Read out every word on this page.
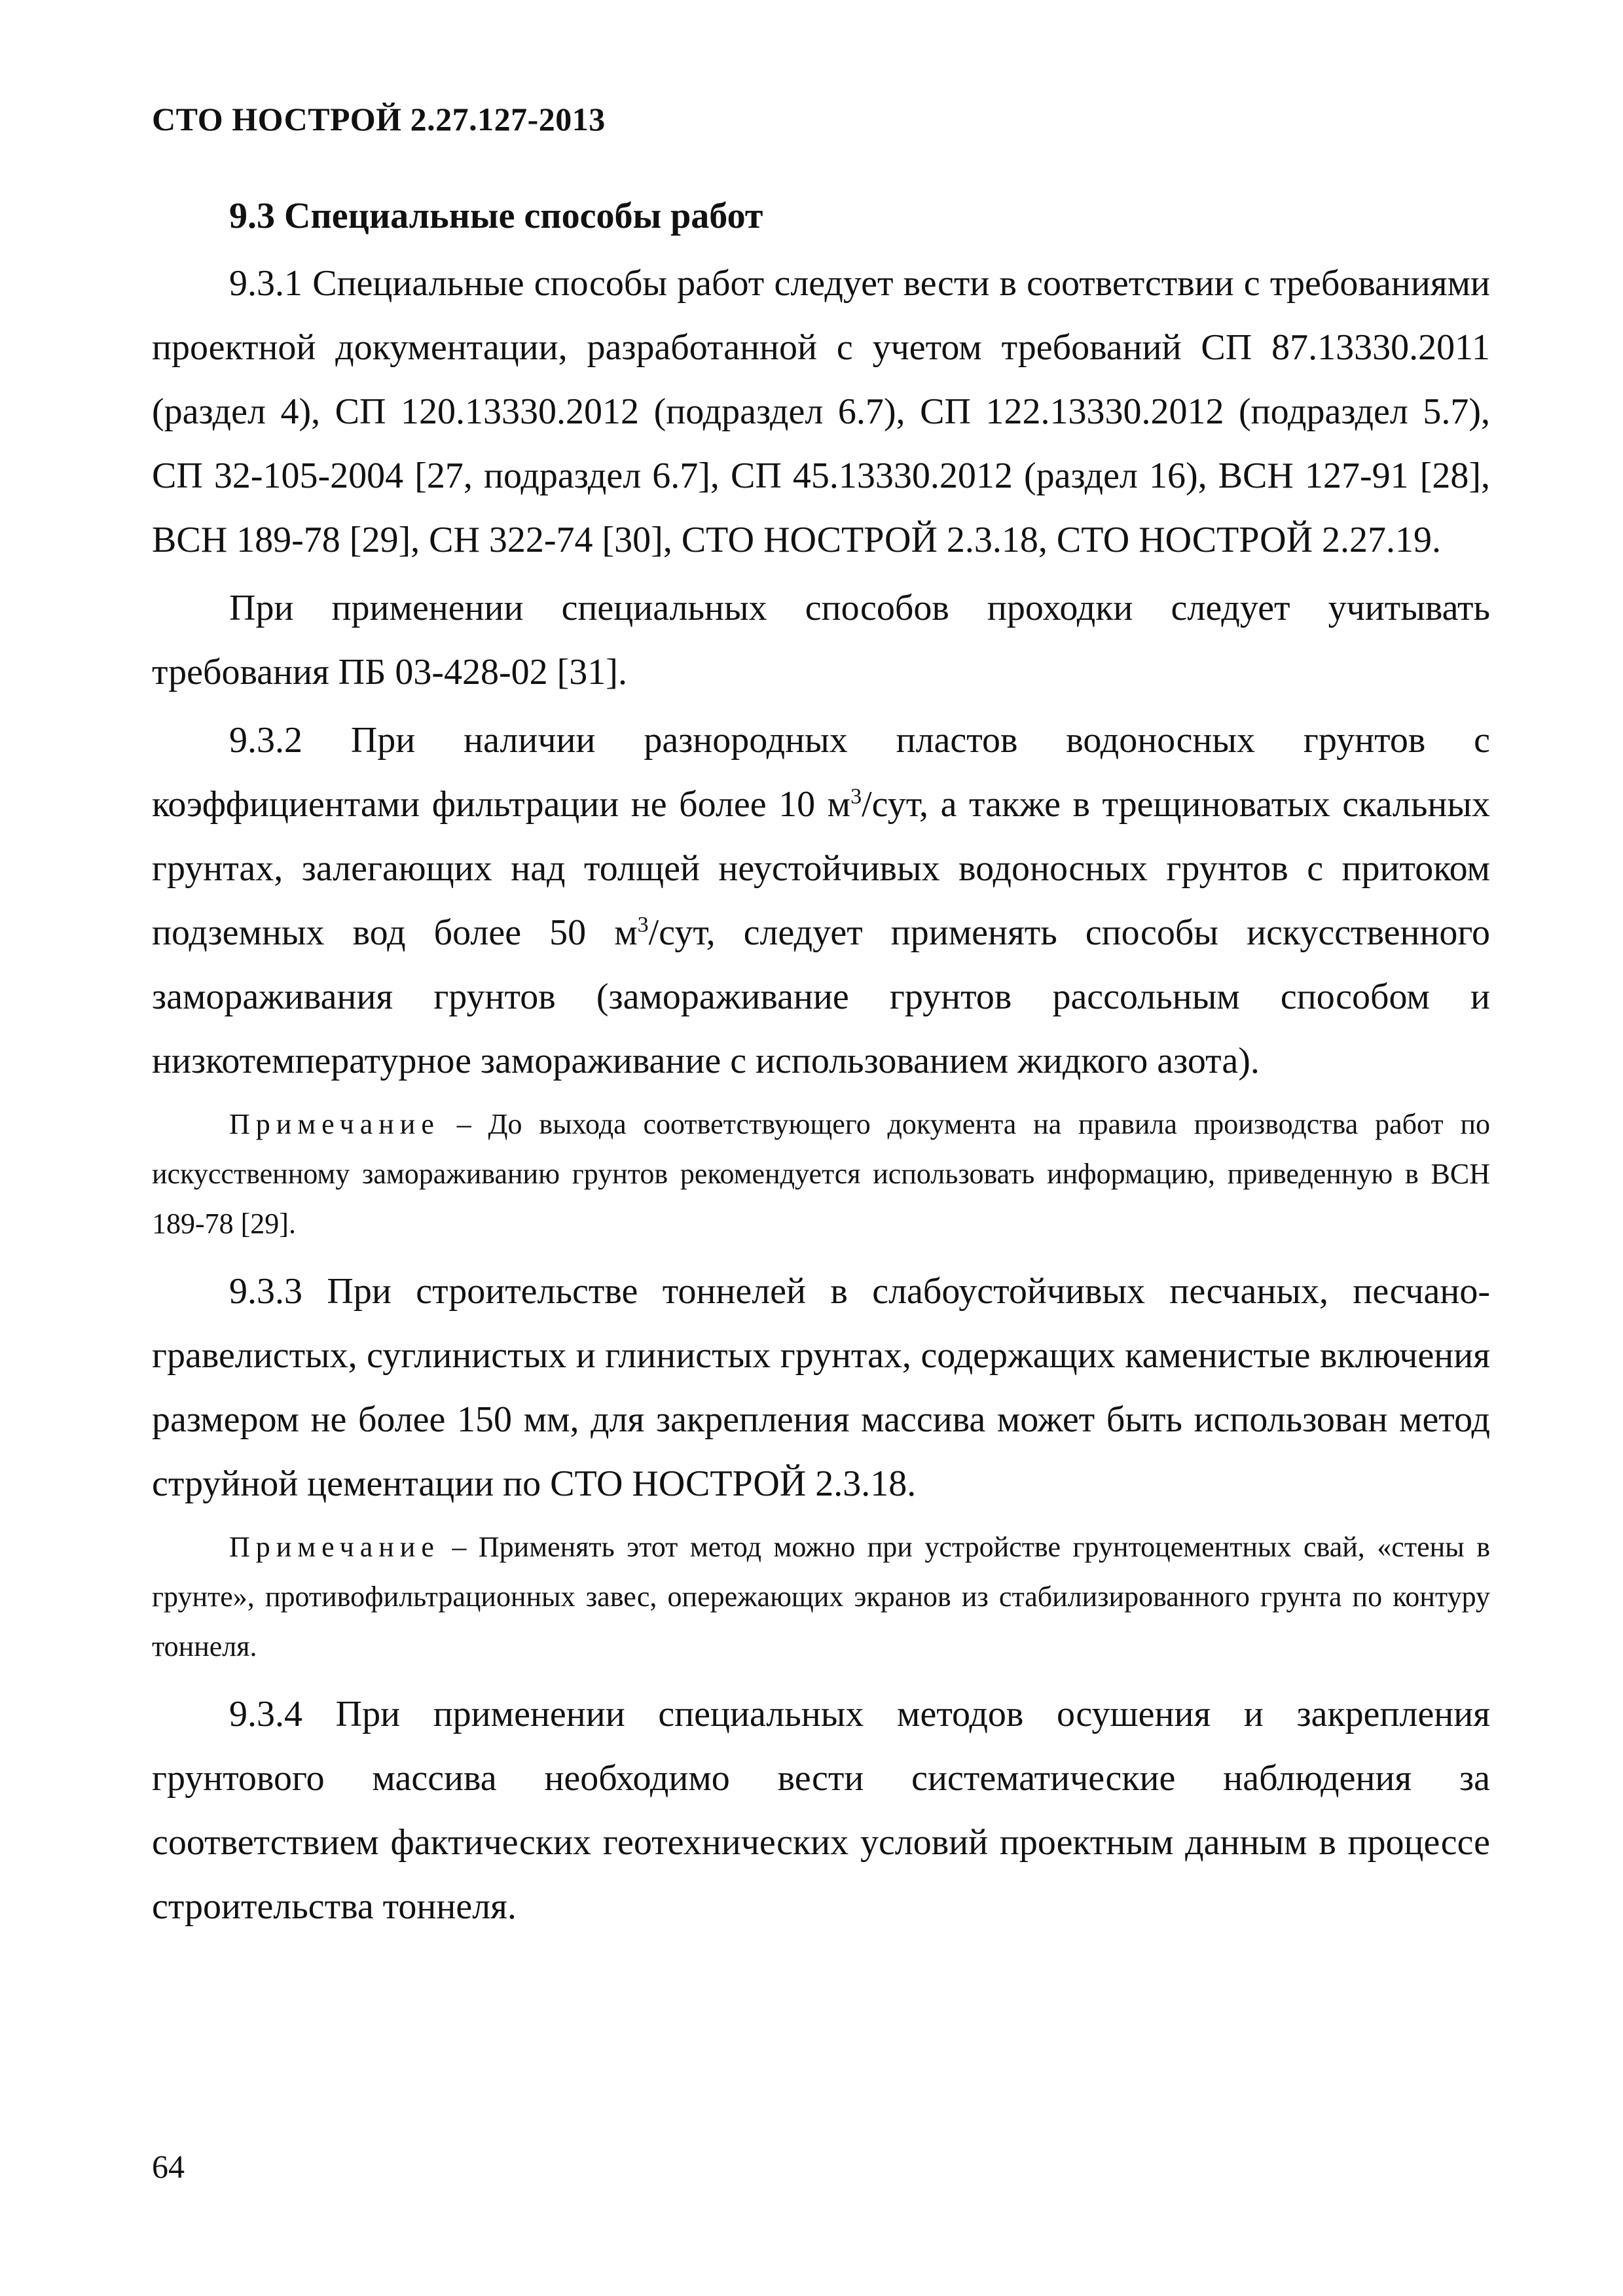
СТО НОСТРОЙ 2.27.127-2013
9.3 Специальные способы работ

9.3.1 Специальные способы работ следует вести в соответствии с требованиями проектной документации, разработанной с учетом требований СП 87.13330.2011 (раздел 4), СП 120.13330.2012 (подраздел 6.7), СП 122.13330.2012 (подраздел 5.7), СП 32-105-2004 [27, подраздел 6.7], СП 45.13330.2012 (раздел 16), ВСН 127-91 [28], ВСН 189-78 [29], СН 322-74 [30], СТО НОСТРОЙ 2.3.18, СТО НОСТРОЙ 2.27.19.

При применении специальных способов проходки следует учитывать требования ПБ 03-428-02 [31].

9.3.2 При наличии разнородных пластов водоносных грунтов с коэффициентами фильтрации не более 10 $м^3$/сут, а также в трещиноватых скальных грунтах, залегающих над толщей неустойчивых водоносных грунтов с притоком подземных вод более 50 $м^3$/сут, следует применять способы искусственного замораживания грунтов (замораживание грунтов рассольным способом и низкотемпературное замораживание с использованием жидкого азота).

Примечание – До выхода соответствующего документа на правила производства работ по искусственному замораживанию грунтов рекомендуется использовать информацию, приведенную в ВСН 189-78 [29].

9.3.3 При строительстве тоннелей в слабоустойчивых песчаных, песчано-гравелистых, суглинистых и глинистых грунтах, содержащих каменистые включения размером не более 150 мм, для закрепления массива может быть использован метод струйной цементации по СТО НОСТРОЙ 2.3.18.

Примечание – Применять этот метод можно при устройстве грунтоцементных свай, «стены в грунте», противофильтрационных завес, опережающих экранов из стабилизированного грунта по контуру тоннеля.

9.3.4 При применении специальных методов осушения и закрепления грунтового массива необходимо вести систематические наблюдения за соответствием фактических геотехнических условий проектным данным в процессе строительства тоннеля.

64
